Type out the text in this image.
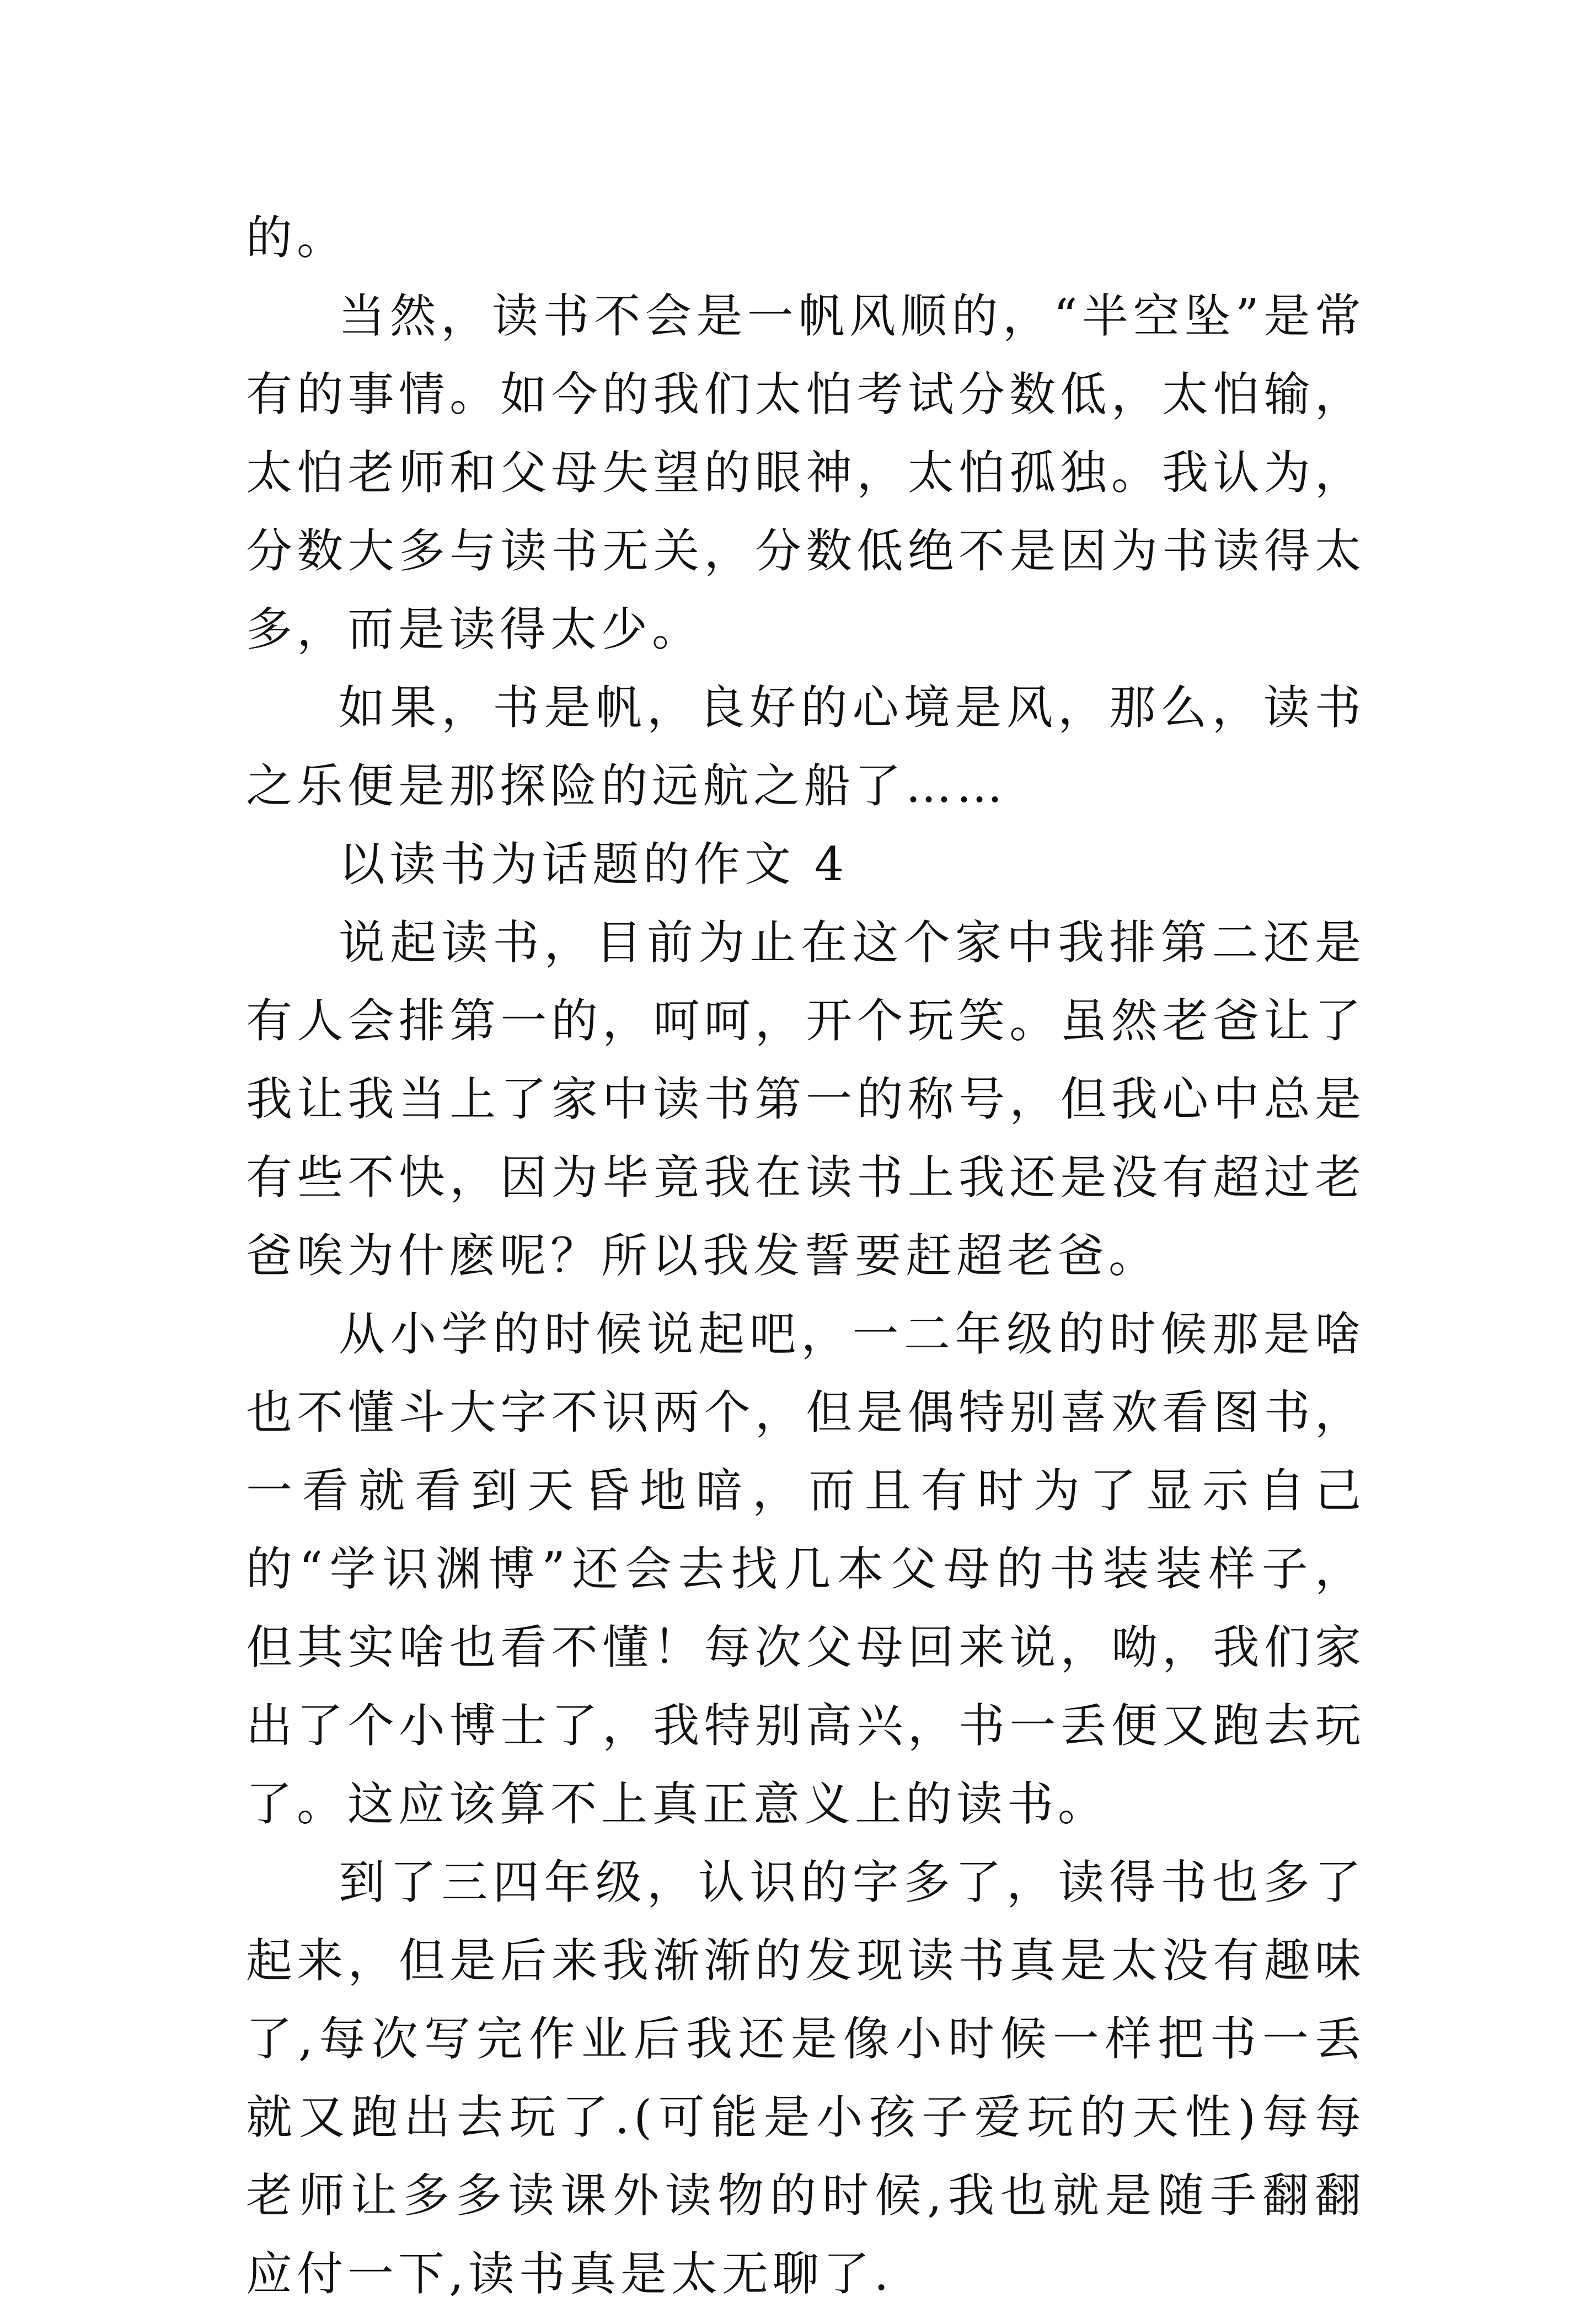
的。

当然，读书不会是一帆风顺的，“半空坠”是常有的事情。如今的我们太怕考试分数低，太怕输，太怕老师和父母失望的眼神，太怕孤独。我认为，分数大多与读书无关，分数低绝不是因为书读得太多，而是读得太少。

如果，书是帆，良好的心境是风，那么，读书之乐便是那探险的远航之船了……

以读书为话题的作文 4

说起读书，目前为止在这个家中我排第二还是有人会排第一的，呵呵，开个玩笑。虽然老爸让了我让我当上了家中读书第一的称号，但我心中总是有些不快，因为毕竟我在读书上我还是没有超过老爸唉为什麽呢？所以我发誓要赶超老爸。

从小学的时候说起吧，一二年级的时候那是啥也不懂斗大字不识两个，但是偶特别喜欢看图书，一看就看到天昏地暗，而且有时为了显示自己的“学识渊博”还会去找几本父母的书装装样子，但其实啥也看不懂！每次父母回来说，呦，我们家出了个小博士了，我特别高兴，书一丢便又跑去玩了。这应该算不上真正意义上的读书。

到了三四年级，认识的字多了，读得书也多了起来，但是后来我渐渐的发现读书真是太没有趣味了,每次写完作业后我还是像小时候一样把书一丢就又跑出去玩了.(可能是小孩子爱玩的天性)每每老师让多多读课外读物的时候,我也就是随手翻翻应付一下,读书真是太无聊了.
